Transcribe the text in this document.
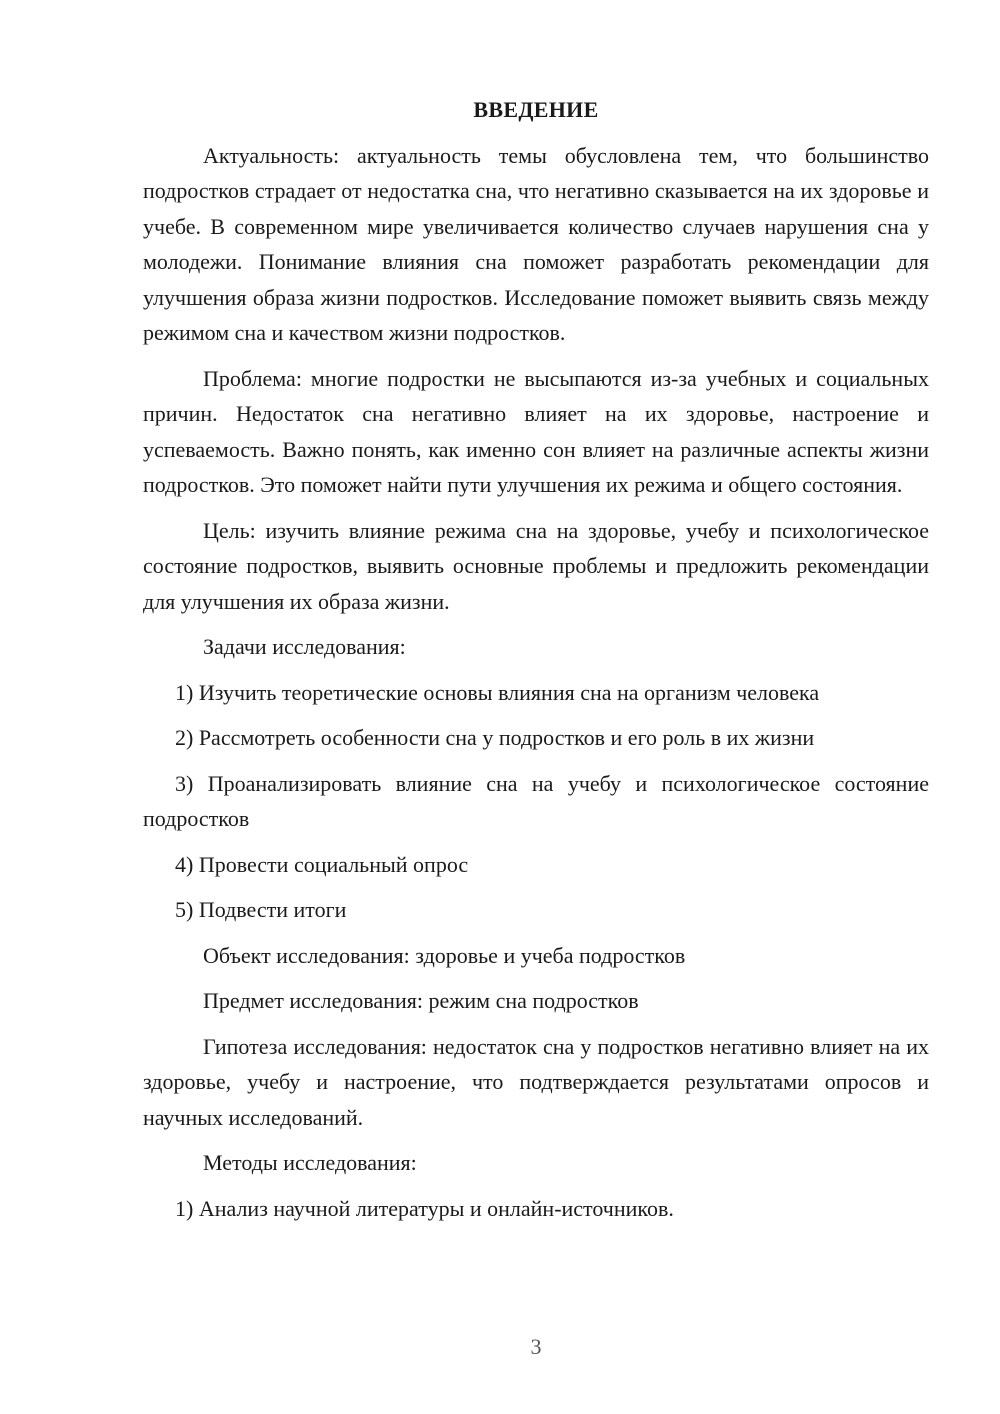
ВВЕДЕНИЕ

Актуальность: актуальность темы обусловлена тем, что большинство подростков страдает от недостатка сна, что негативно сказывается на их здоровье и учебе. В современном мире увеличивается количество случаев нарушения сна у молодежи. Понимание влияния сна поможет разработать рекомендации для улучшения образа жизни подростков. Исследование поможет выявить связь между режимом сна и качеством жизни подростков.

Проблема: многие подростки не высыпаются из-за учебных и социальных причин. Недостаток сна негативно влияет на их здоровье, настроение и успеваемость. Важно понять, как именно сон влияет на различные аспекты жизни подростков. Это поможет найти пути улучшения их режима и общего состояния.

Цель: изучить влияние режима сна на здоровье, учебу и психологическое состояние подростков, выявить основные проблемы и предложить рекомендации для улучшения их образа жизни.

Задачи исследования:

1) Изучить теоретические основы влияния сна на организм человека

2) Рассмотреть особенности сна у подростков и его роль в их жизни

3) Проанализировать влияние сна на учебу и психологическое состояние подростков

4) Провести социальный опрос

5) Подвести итоги

Объект исследования: здоровье и учеба подростков

Предмет исследования: режим сна подростков

Гипотеза исследования: недостаток сна у подростков негативно влияет на их здоровье, учебу и настроение, что подтверждается результатами опросов и научных исследований.

Методы исследования:

1) Анализ научной литературы и онлайн-источников.

3
